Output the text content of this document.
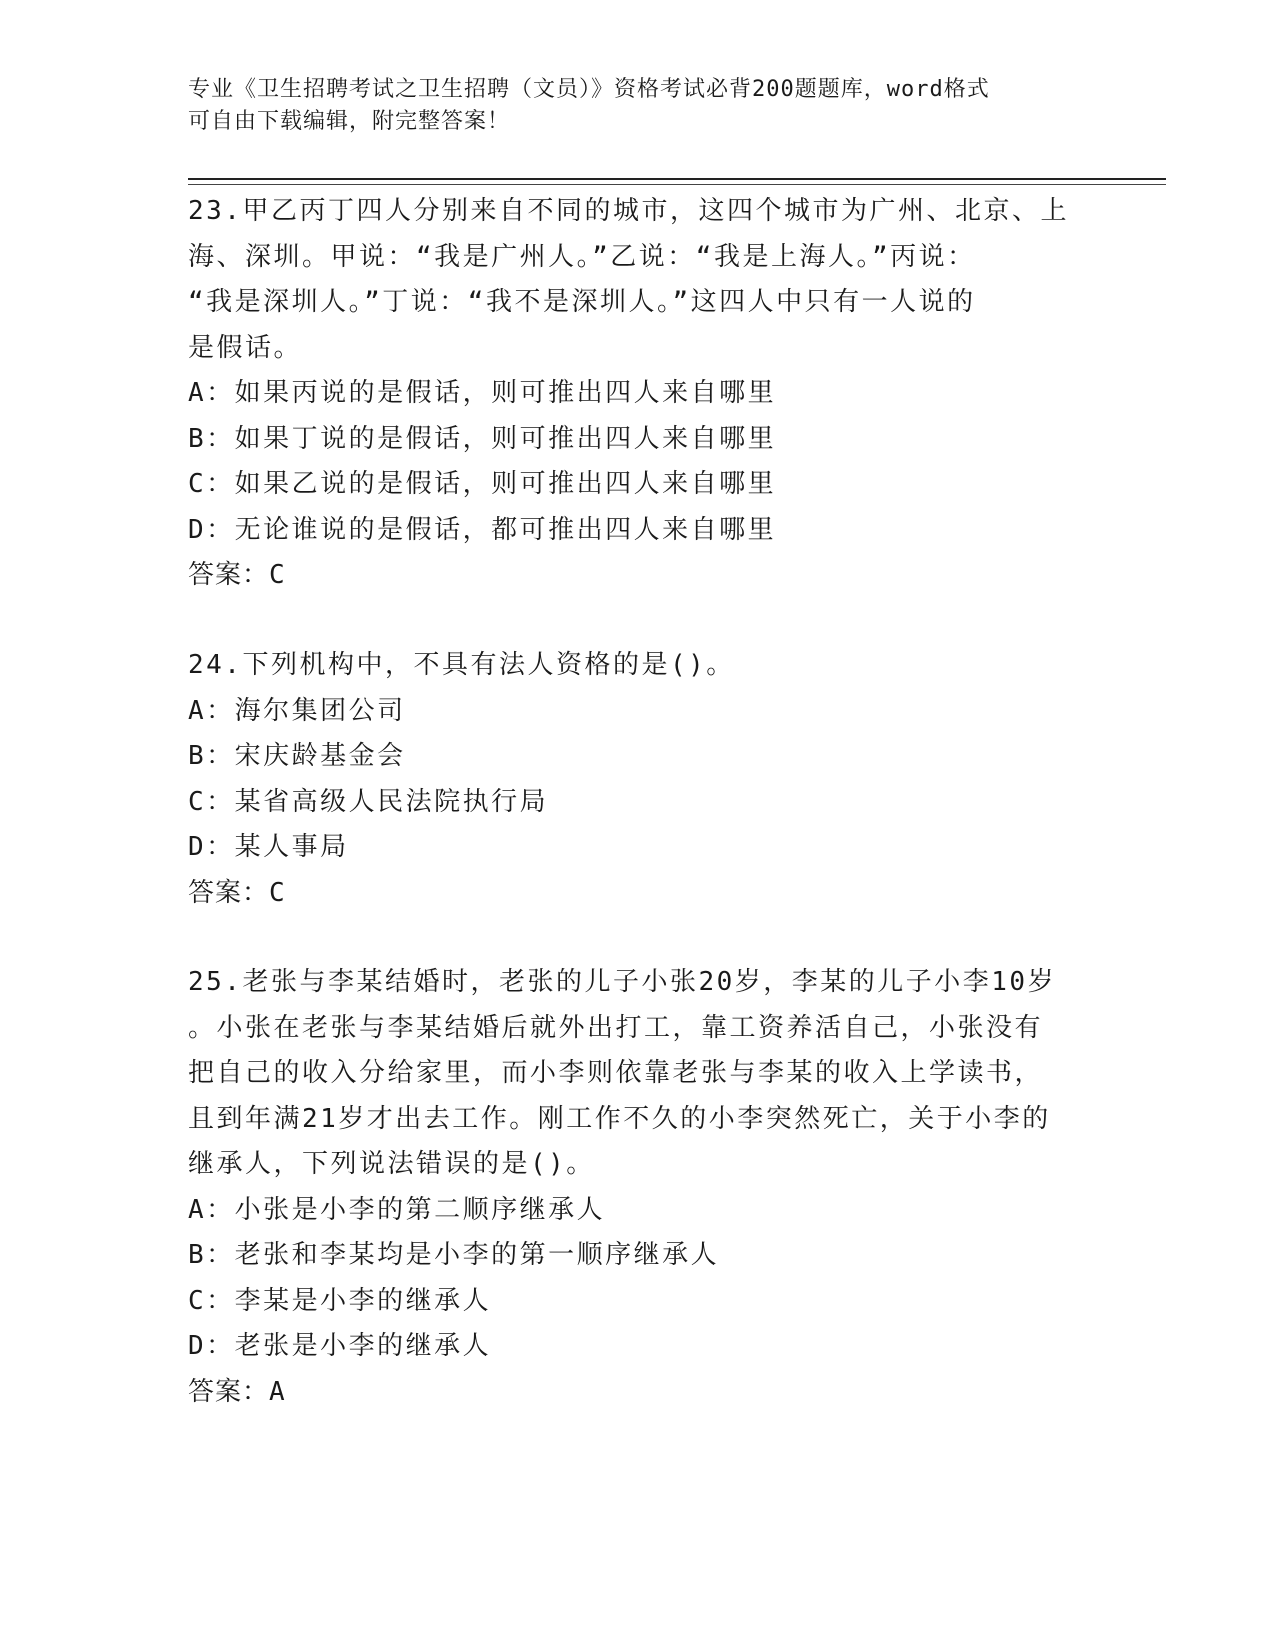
专业《卫生招聘考试之卫生招聘（文员）》资格考试必背200题题库，word格式
可自由下载编辑，附完整答案！
23.甲乙丙丁四人分别来自不同的城市，这四个城市为广州、北京、上
海、深圳。甲说：“我是广州人。”乙说：“我是上海人。”丙说：
“我是深圳人。”丁说：“我不是深圳人。”这四人中只有一人说的
是假话。
A：如果丙说的是假话，则可推出四人来自哪里
B：如果丁说的是假话，则可推出四人来自哪里
C：如果乙说的是假话，则可推出四人来自哪里
D：无论谁说的是假话，都可推出四人来自哪里
答案：C
24.下列机构中，不具有法人资格的是()。
A：海尔集团公司
B：宋庆龄基金会
C：某省高级人民法院执行局
D：某人事局
答案：C
25.老张与李某结婚时，老张的儿子小张20岁，李某的儿子小李10岁
。小张在老张与李某结婚后就外出打工，靠工资养活自己，小张没有
把自己的收入分给家里，而小李则依靠老张与李某的收入上学读书，
且到年满21岁才出去工作。刚工作不久的小李突然死亡，关于小李的
继承人，下列说法错误的是()。
A：小张是小李的第二顺序继承人
B：老张和李某均是小李的第一顺序继承人
C：李某是小李的继承人
D：老张是小李的继承人
答案：A
